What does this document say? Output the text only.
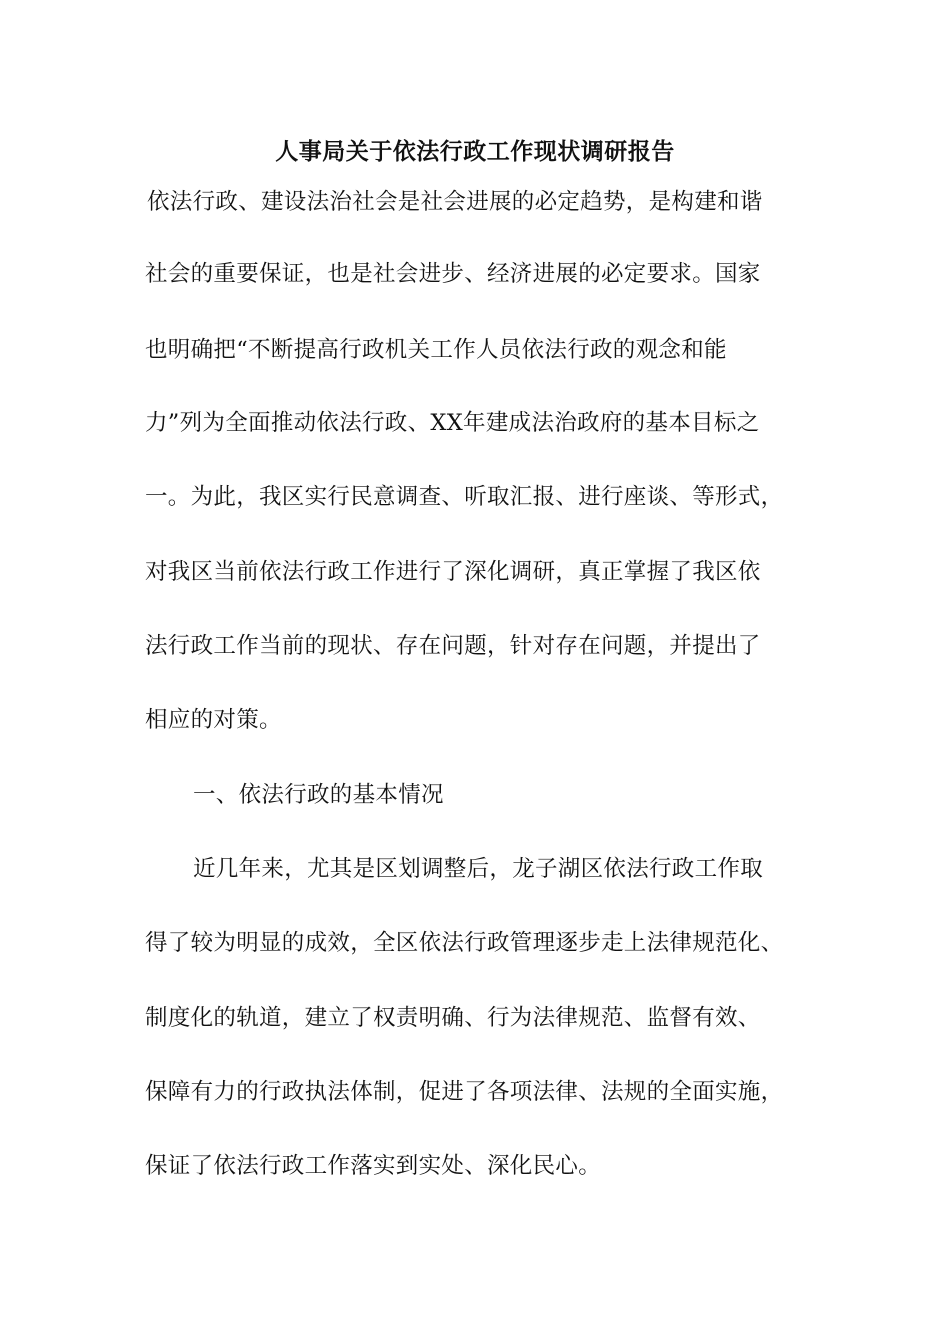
人事局关于依法行政工作现状调研报告
依法行政、建设法治社会是社会进展的必定趋势，是构建和谐
社会的重要保证，也是社会进步、经济进展的必定要求。国家
也明确把“不断提高行政机关工作人员依法行政的观念和能
力”列为全面推动依法行政、XX年建成法治政府的基本目标之
一。为此，我区实行民意调查、听取汇报、进行座谈、等形式，
对我区当前依法行政工作进行了深化调研，真正掌握了我区依
法行政工作当前的现状、存在问题，针对存在问题，并提出了
相应的对策。
一、依法行政的基本情况
近几年来，尤其是区划调整后，龙子湖区依法行政工作取
得了较为明显的成效，全区依法行政管理逐步走上法律规范化、
制度化的轨道，建立了权责明确、行为法律规范、监督有效、
保障有力的行政执法体制，促进了各项法律、法规的全面实施，
保证了依法行政工作落实到实处、深化民心。
